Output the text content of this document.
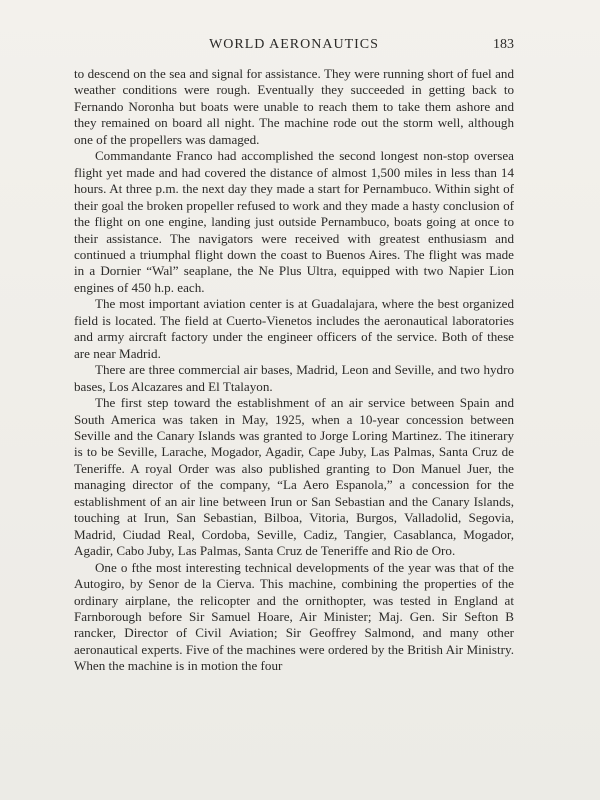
WORLD AERONAUTICS	183

to descend on the sea and signal for assistance. They were running short of fuel and weather conditions were rough. Eventually they succeeded in getting back to Fernando Noronha but boats were unable to reach them to take them ashore and they remained on board all night. The machine rode out the storm well, although one of the propellers was damaged.

Commandante Franco had accomplished the second longest non-stop oversea flight yet made and had covered the distance of almost 1,500 miles in less than 14 hours. At three p.m. the next day they made a start for Pernambuco. Within sight of their goal the broken propeller refused to work and they made a hasty conclusion of the flight on one engine, landing just outside Pernambuco, boats going at once to their assistance. The navigators were received with greatest enthusiasm and continued a triumphal flight down the coast to Buenos Aires. The flight was made in a Dornier “Wal” seaplane, the Ne Plus Ultra, equipped with two Napier Lion engines of 450 h.p. each.

The most important aviation center is at Guadalajara, where the best organized field is located. The field at Cuerto-Vienetos includes the aeronautical laboratories and army aircraft factory under the engineer officers of the service. Both of these are near Madrid.

There are three commercial air bases, Madrid, Leon and Seville, and two hydro bases, Los Alcazares and El Ttalayon.

The first step toward the establishment of an air service between Spain and South America was taken in May, 1925, when a 10-year concession between Seville and the Canary Islands was granted to Jorge Loring Martinez. The itinerary is to be Seville, Larache, Mogador, Agadir, Cape Juby, Las Palmas, Santa Cruz de Teneriffe. A royal Order was also published granting to Don Manuel Juer, the managing director of the company, “La Aero Espanola,” a concession for the establishment of an air line between Irun or San Sebastian and the Canary Islands, touching at Irun, San Sebastian, Bilboa, Vitoria, Burgos, Valladolid, Segovia, Madrid, Ciudad Real, Cordoba, Seville, Cadiz, Tangier, Casablanca, Mogador, Agadir, Cabo Juby, Las Palmas, Santa Cruz de Teneriffe and Rio de Oro.

One o fthe most interesting technical developments of the year was that of the Autogiro, by Senor de la Cierva. This machine, combining the properties of the ordinary airplane, the relicopter and the ornithopter, was tested in England at Farnborough before Sir Samuel Hoare, Air Minister; Maj. Gen. Sir Sefton B rancker, Director of Civil Aviation; Sir Geoffrey Salmond, and many other aeronautical experts. Five of the machines were ordered by the British Air Ministry. When the machine is in motion the four
